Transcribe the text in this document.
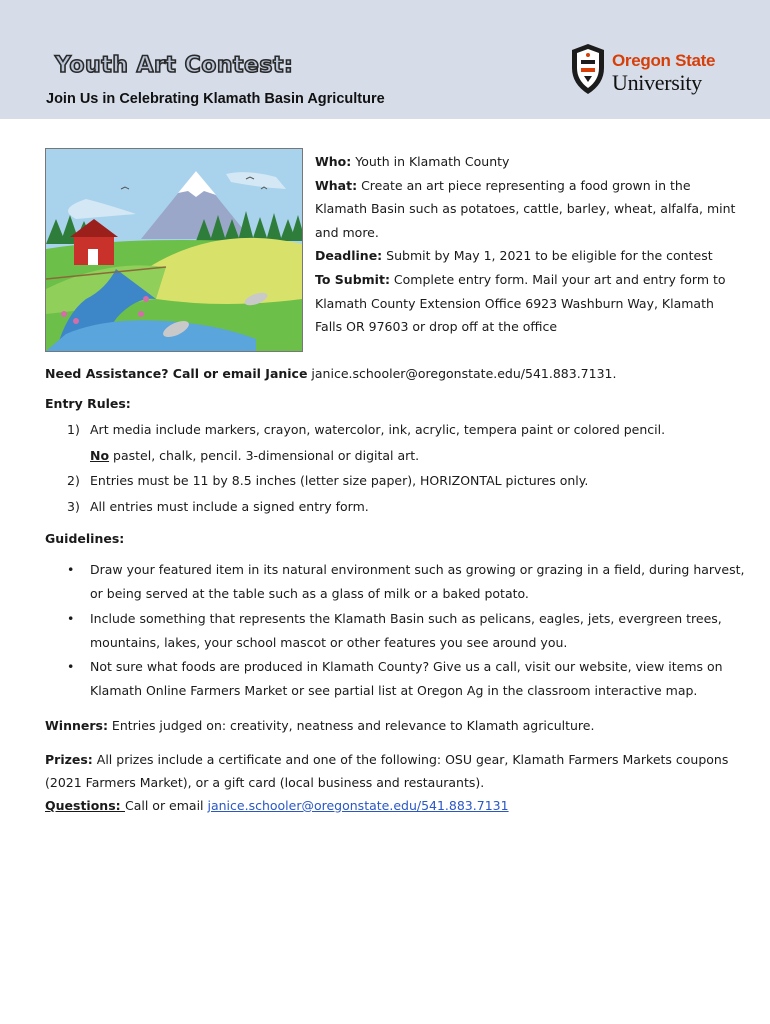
Youth Art Contest:
Join Us in Celebrating Klamath Basin Agriculture
Oregon State
University

Who: Youth in Klamath County

What: Create an art piece representing a food grown in the Klamath Basin such as potatoes, cattle, barley, wheat, alfalfa, mint and more.

Deadline: Submit by May 1, 2021 to be eligible for the contest

To Submit: Complete entry form. Mail your art and entry form to Klamath County Extension Office 6923 Washburn Way, Klamath Falls OR 97603 or drop off at the office

Need Assistance? Call or email Janice janice.schooler@oregonstate.edu/541.883.7131.

Entry Rules:

1) Art media include markers, crayon, watercolor, ink, acrylic, tempera paint or colored pencil.
No pastel, chalk, pencil. 3-dimensional or digital art.
2) Entries must be 11 by 8.5 inches (letter size paper), HORIZONTAL pictures only.
3) All entries must include a signed entry form.

Guidelines:

• Draw your featured item in its natural environment such as growing or grazing in a field, during harvest, or being served at the table such as a glass of milk or a baked potato.
• Include something that represents the Klamath Basin such as pelicans, eagles, jets, evergreen trees, mountains, lakes, your school mascot or other features you see around you.
• Not sure what foods are produced in Klamath County? Give us a call, visit our website, view items on Klamath Online Farmers Market or see partial list at Oregon Ag in the classroom interactive map.

Winners: Entries judged on: creativity, neatness and relevance to Klamath agriculture.

Prizes: All prizes include a certificate and one of the following: OSU gear, Klamath Farmers Markets coupons (2021 Farmers Market), or a gift card (local business and restaurants).

Questions: Call or email janice.schooler@oregonstate.edu/541.883.7131
